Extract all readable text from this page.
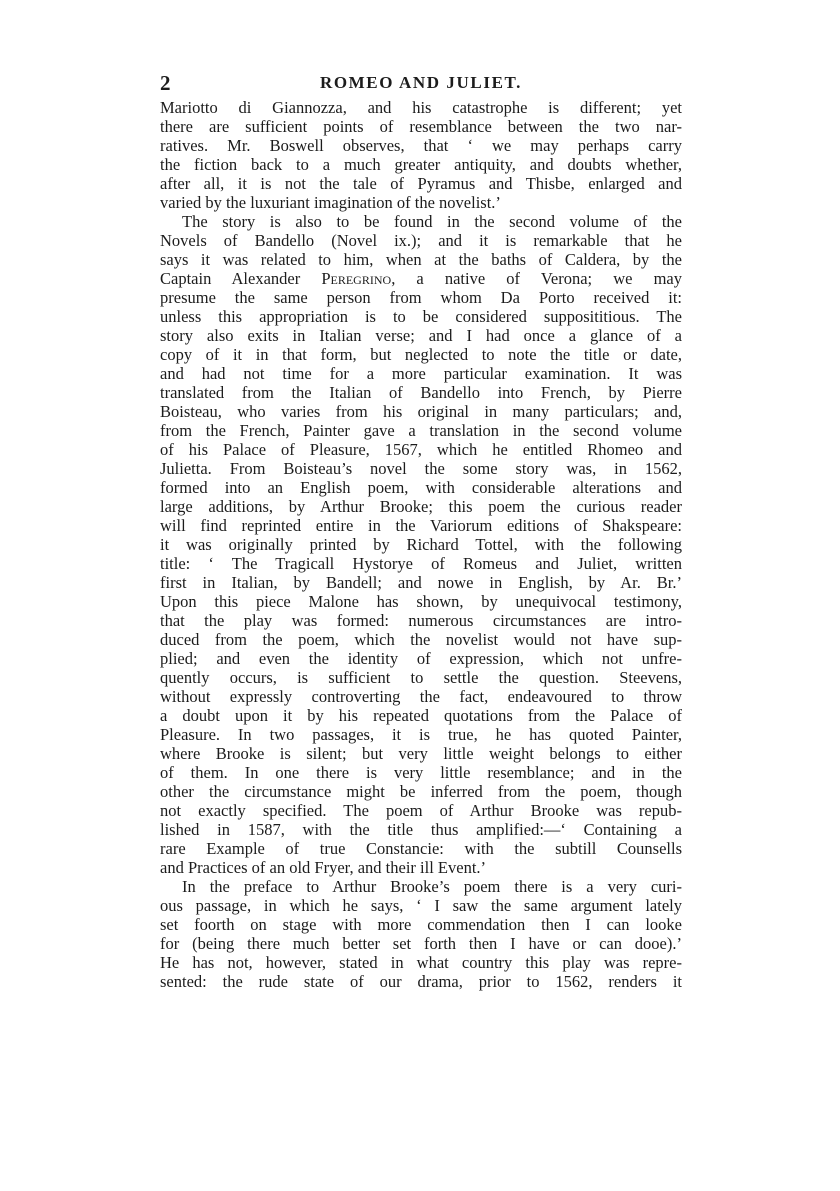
2	ROMEO AND JULIET.

Mariotto di Giannozza, and his catastrophe is different; yet
there are sufficient points of resemblance between the two nar-
ratives. Mr. Boswell observes, that ‘ we may perhaps carry
the fiction back to a much greater antiquity, and doubts whether,
after all, it is not the tale of Pyramus and Thisbe, enlarged and
varied by the luxuriant imagination of the novelist.’

The story is also to be found in the second volume of the
Novels of Bandello (Novel ix.); and it is remarkable that he
says it was related to him, when at the baths of Caldera, by the
Captain Alexander Peregrino, a native of Verona; we may
presume the same person from whom Da Porto received it:
unless this appropriation is to be considered supposititious. The
story also exits in Italian verse; and I had once a glance of a
copy of it in that form, but neglected to note the title or date,
and had not time for a more particular examination. It was
translated from the Italian of Bandello into French, by Pierre
Boisteau, who varies from his original in many particulars; and,
from the French, Painter gave a translation in the second volume
of his Palace of Pleasure, 1567, which he entitled Rhomeo and
Julietta. From Boisteau’s novel the some story was, in 1562,
formed into an English poem, with considerable alterations and
large additions, by Arthur Brooke; this poem the curious reader
will find reprinted entire in the Variorum editions of Shakspeare:
it was originally printed by Richard Tottel, with the following
title: ‘ The Tragicall Hystorye of Romeus and Juliet, written
first in Italian, by Bandell; and nowe in English, by Ar. Br.’
Upon this piece Malone has shown, by unequivocal testimony,
that the play was formed: numerous circumstances are intro-
duced from the poem, which the novelist would not have sup-
plied; and even the identity of expression, which not unfre-
quently occurs, is sufficient to settle the question. Steevens,
without expressly controverting the fact, endeavoured to throw
a doubt upon it by his repeated quotations from the Palace of
Pleasure. In two passages, it is true, he has quoted Painter,
where Brooke is silent; but very little weight belongs to either
of them. In one there is very little resemblance; and in the
other the circumstance might be inferred from the poem, though
not exactly specified. The poem of Arthur Brooke was repub-
lished in 1587, with the title thus amplified:—‘ Containing a
rare Example of true Constancie: with the subtill Counsells
and Practices of an old Fryer, and their ill Event.’

In the preface to Arthur Brooke’s poem there is a very curi-
ous passage, in which he says, ‘ I saw the same argument lately
set foorth on stage with more commendation then I can looke
for (being there much better set forth then I have or can dooe).’
He has not, however, stated in what country this play was repre-
sented: the rude state of our drama, prior to 1562, renders it
